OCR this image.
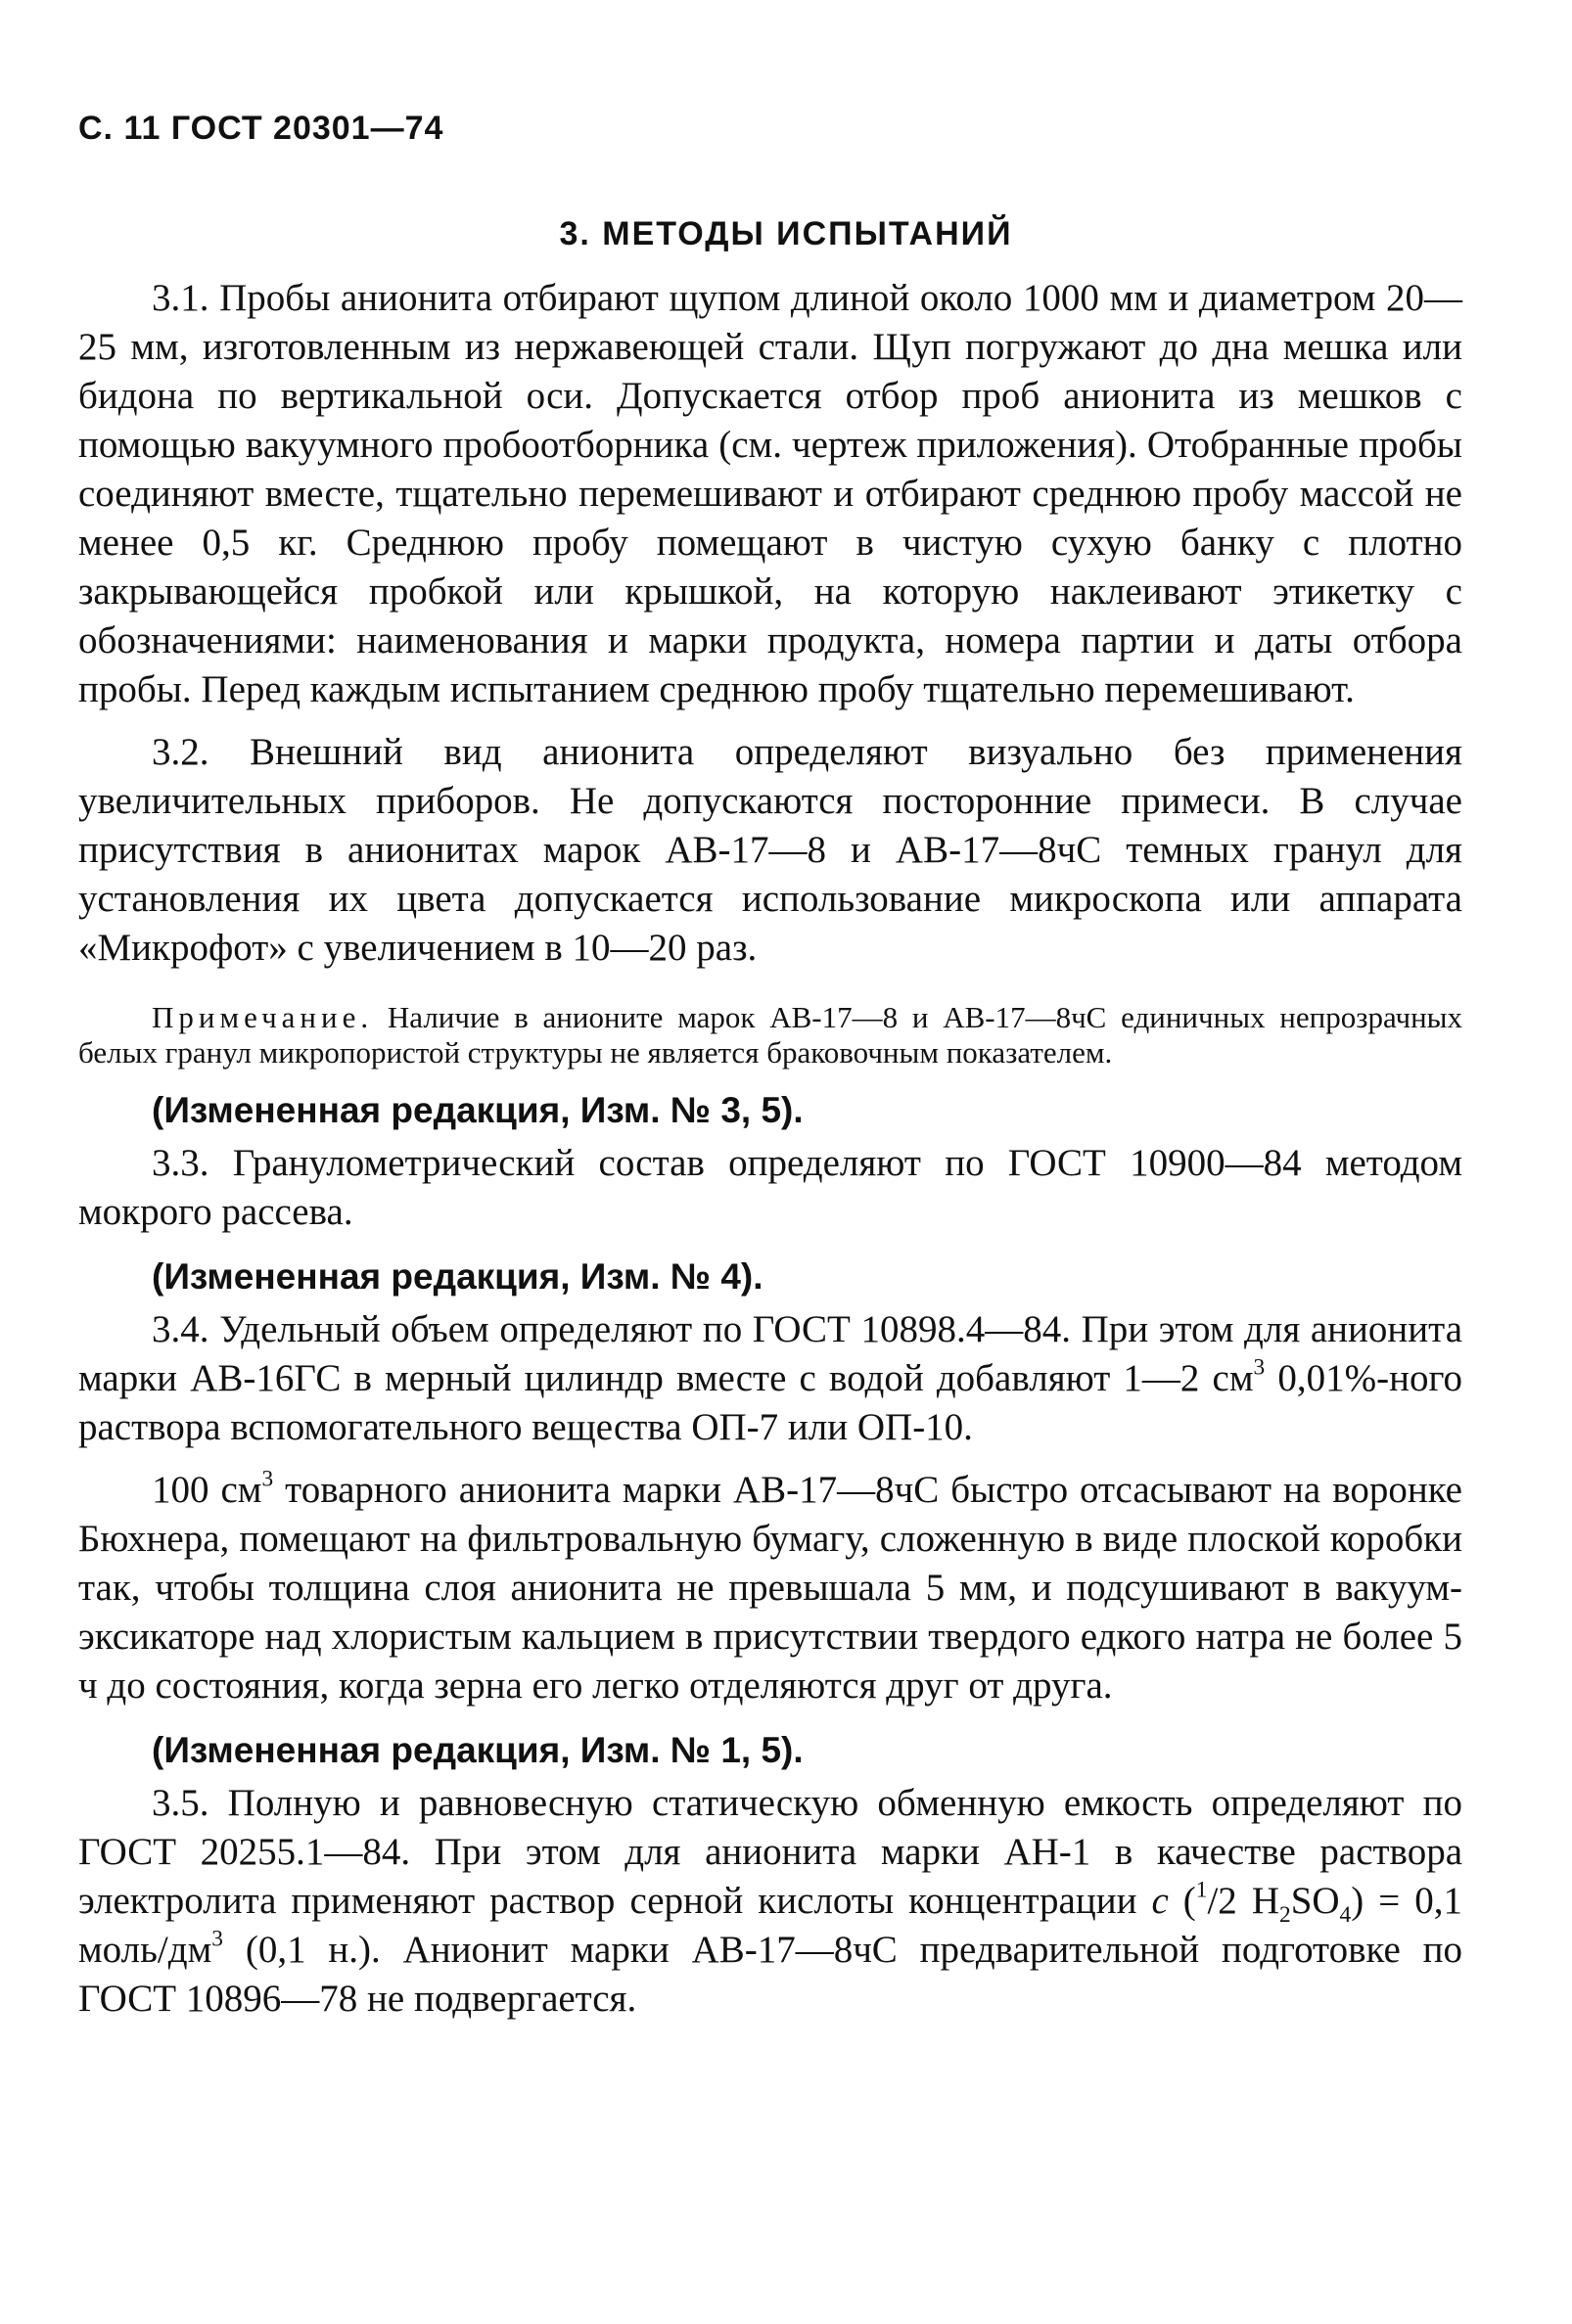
С. 11 ГОСТ 20301—74
3. МЕТОДЫ ИСПЫТАНИЙ

3.1. Пробы анионита отбирают щупом длиной около 1000 мм и диаметром 20—25 мм, изготовленным из нержавеющей стали. Щуп погружают до дна мешка или бидона по вертикальной оси. Допускается отбор проб анионита из мешков с помощью вакуумного пробоотборника (см. чертеж приложения). Отобранные пробы соединяют вместе, тщательно перемешивают и отбирают среднюю пробу массой не менее 0,5 кг. Среднюю пробу помещают в чистую сухую банку с плотно закрывающейся пробкой или крышкой, на которую наклеивают этикетку с обозначениями: наименования и марки продукта, номера партии и даты отбора пробы. Перед каждым испытанием среднюю пробу тщательно перемешивают.

3.2. Внешний вид анионита определяют визуально без применения увеличительных приборов. Не допускаются посторонние примеси. В случае присутствия в анионитах марок АВ-17—8 и АВ-17—8чС темных гранул для установления их цвета допускается использование микроскопа или аппарата «Микрофот» с увеличением в 10—20 раз.

Примечание. Наличие в анионите марок АВ-17—8 и АВ-17—8чС единичных непрозрачных белых гранул микропористой структуры не является браковочным показателем.

(Измененная редакция, Изм. № 3, 5).

3.3. Гранулометрический состав определяют по ГОСТ 10900—84 методом мокрого рассева.

(Измененная редакция, Изм. № 4).

3.4. Удельный объем определяют по ГОСТ 10898.4—84. При этом для анионита марки АВ-16ГС в мерный цилиндр вместе с водой добавляют 1—2 $см^3$ 0,01%-ного раствора вспомогательного вещества ОП-7 или ОП-10.

100 $см^3$ товарного анионита марки АВ-17—8чС быстро отсасывают на воронке Бюхнера, помещают на фильтровальную бумагу, сложенную в виде плоской коробки так, чтобы толщина слоя анионита не превышала 5 мм, и подсушивают в вакуум-эксикаторе над хлористым кальцием в присутствии твердого едкого натра не более 5 ч до состояния, когда зерна его легко отделяются друг от друга.

(Измененная редакция, Изм. № 1, 5).

3.5. Полную и равновесную статическую обменную емкость определяют по ГОСТ 20255.1—84. При этом для анионита марки АН-1 в качестве раствора электролита применяют раствор серной кислоты концентрации c ($^1$/2 $H_2SO_4) = 0,1$ моль/$дм^3$ (0,1 н.). Анионит марки АВ-17—8чС предварительной подготовке по ГОСТ 10896—78 не подвергается.
